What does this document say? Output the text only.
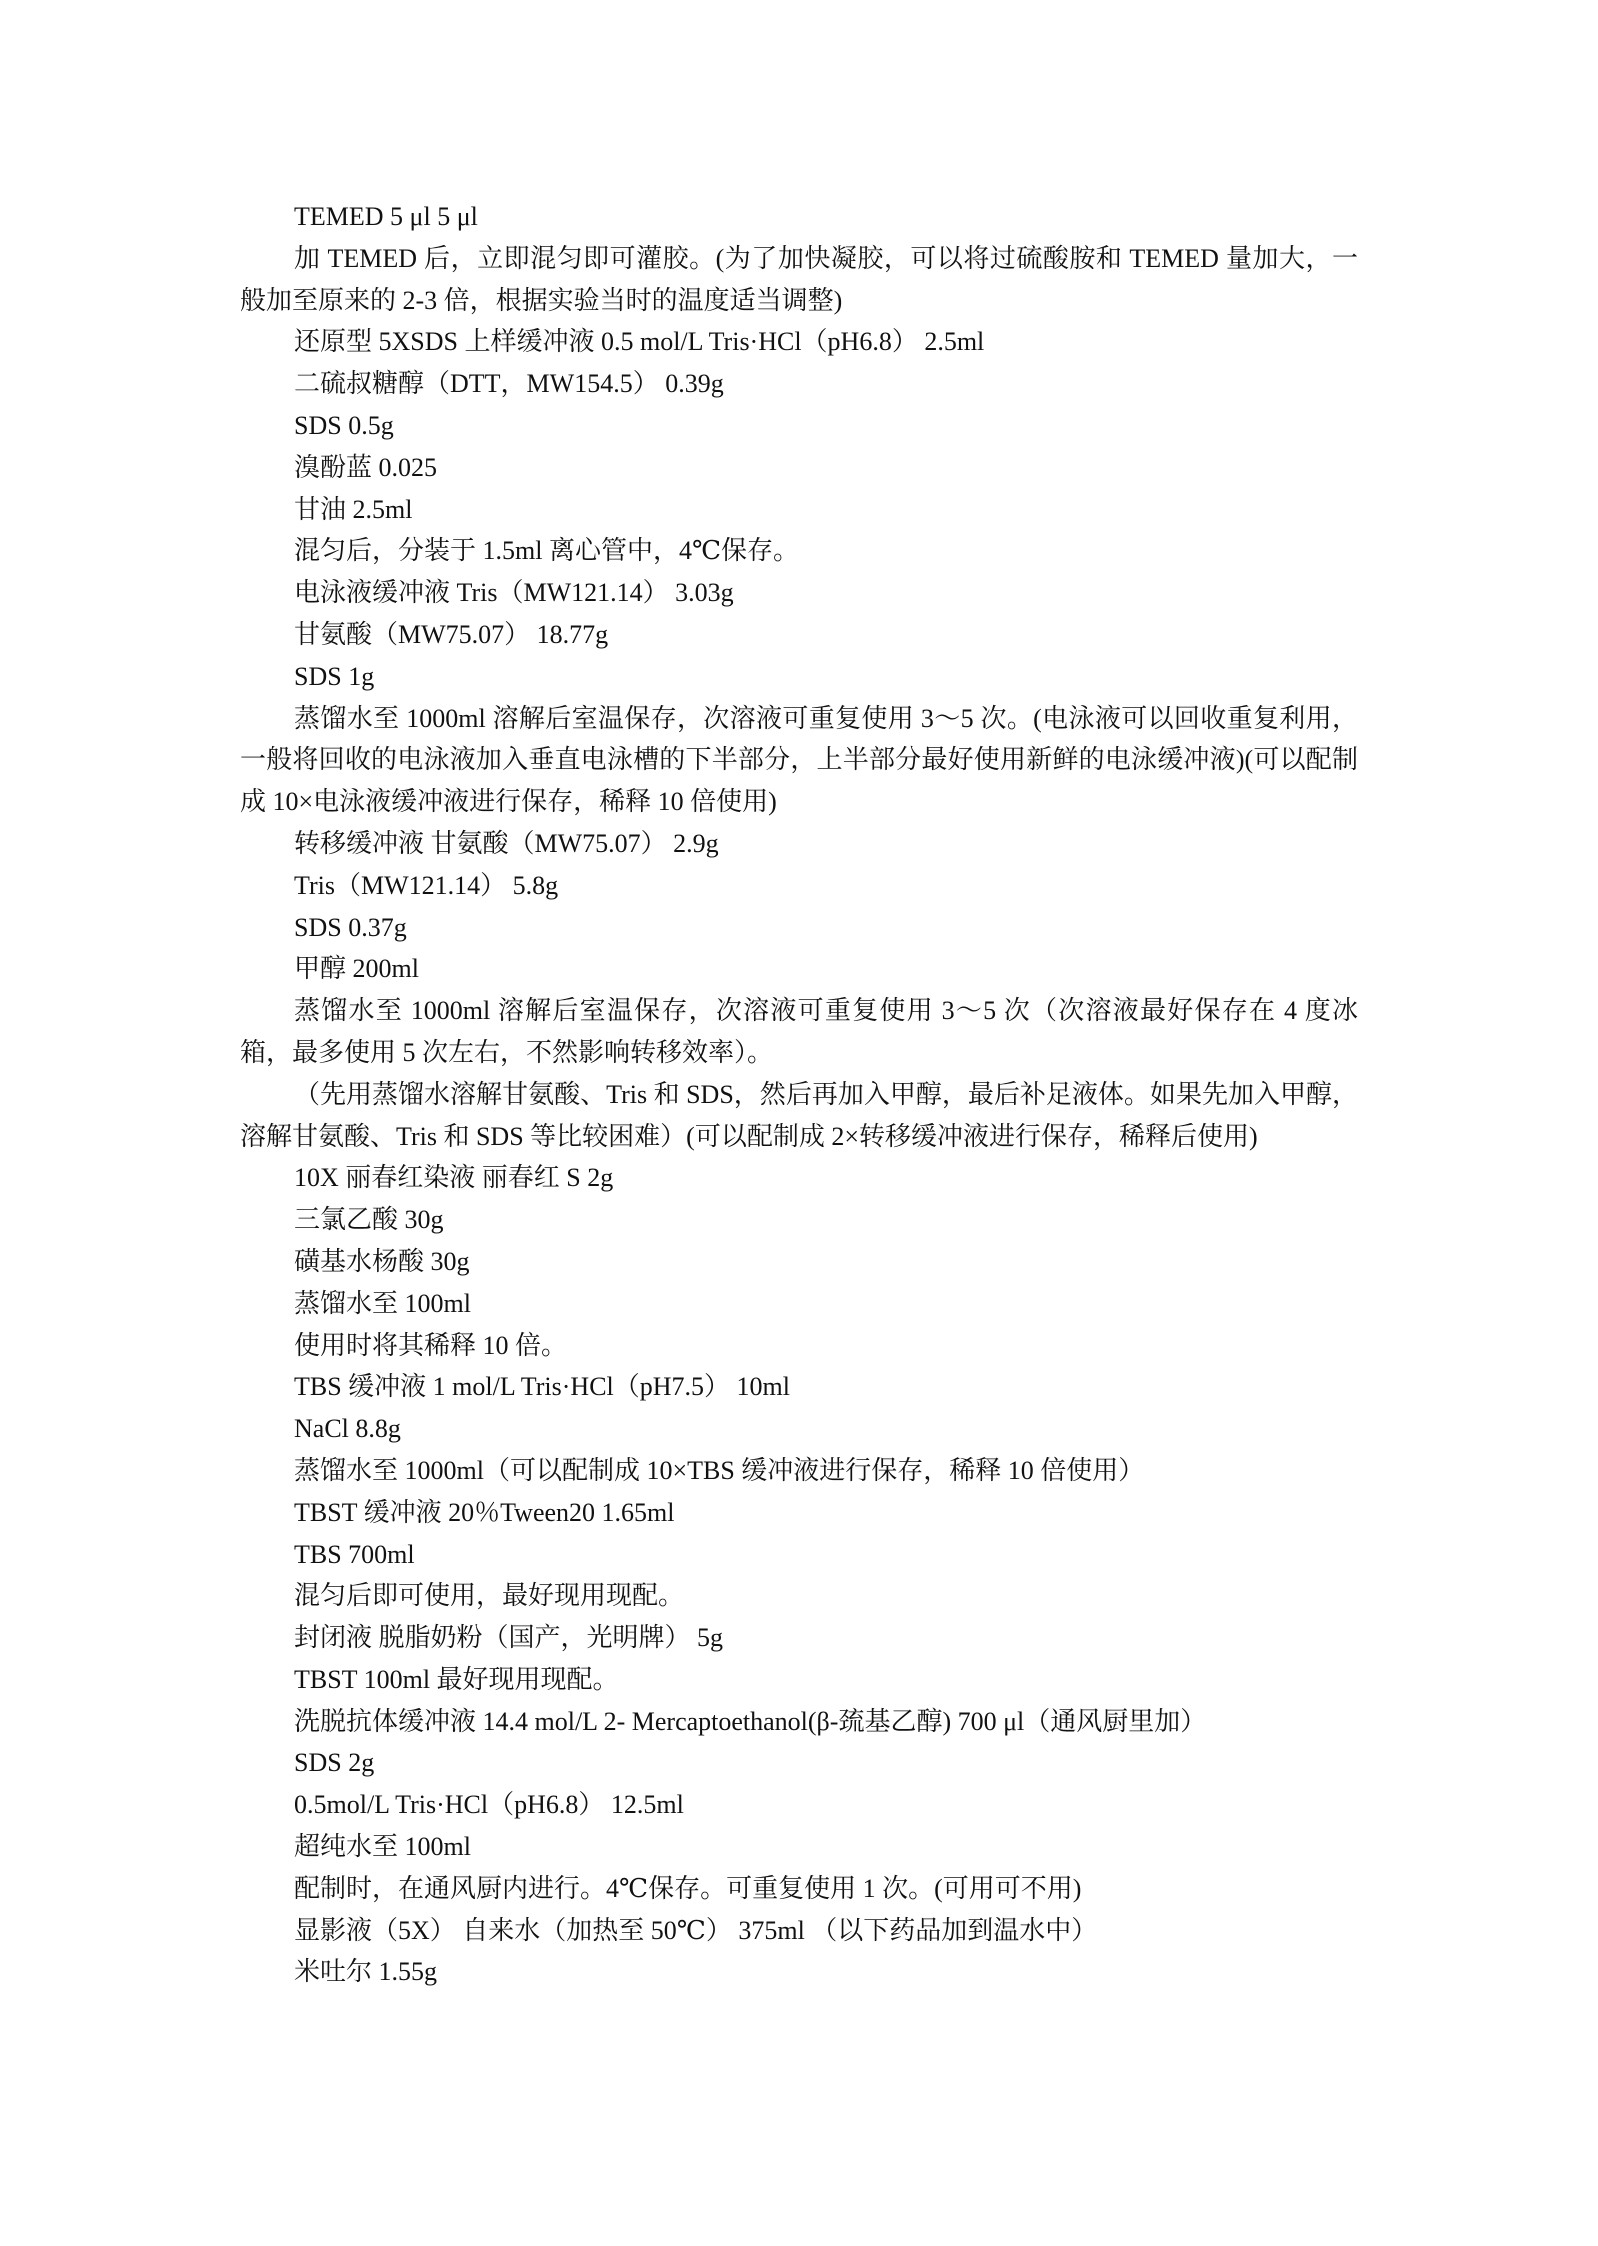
TEMED 5 μl 5 μl

加 TEMED 后，立即混匀即可灌胶。(为了加快凝胶，可以将过硫酸胺和 TEMED 量加大，一般加至原来的 2-3 倍，根据实验当时的温度适当调整)

还原型 5XSDS 上样缓冲液 0.5 mol/L Tris·HCl（pH6.8） 2.5ml

二硫叔糖醇（DTT，MW154.5） 0.39g

SDS 0.5g

溴酚蓝 0.025

甘油 2.5ml

混匀后，分装于 1.5ml 离心管中，4℃保存。

电泳液缓冲液 Tris（MW121.14） 3.03g

甘氨酸（MW75.07） 18.77g

SDS 1g

蒸馏水至 1000ml 溶解后室温保存，次溶液可重复使用 3～5 次。(电泳液可以回收重复利用，一般将回收的电泳液加入垂直电泳槽的下半部分，上半部分最好使用新鲜的电泳缓冲液)(可以配制成 10×电泳液缓冲液进行保存，稀释 10 倍使用)

转移缓冲液 甘氨酸（MW75.07） 2.9g

Tris（MW121.14） 5.8g

SDS 0.37g

甲醇 200ml

蒸馏水至 1000ml 溶解后室温保存，次溶液可重复使用 3～5 次（次溶液最好保存在 4 度冰箱，最多使用 5 次左右，不然影响转移效率）。

（先用蒸馏水溶解甘氨酸、Tris 和 SDS，然后再加入甲醇，最后补足液体。如果先加入甲醇，溶解甘氨酸、Tris 和 SDS 等比较困难）(可以配制成 2×转移缓冲液进行保存，稀释后使用)

10X 丽春红染液 丽春红 S 2g

三氯乙酸 30g

磺基水杨酸 30g

蒸馏水至 100ml

使用时将其稀释 10 倍。

TBS 缓冲液 1 mol/L Tris·HCl（pH7.5） 10ml

NaCl 8.8g

蒸馏水至 1000ml（可以配制成 10×TBS 缓冲液进行保存，稀释 10 倍使用）

TBST 缓冲液 20％Tween20 1.65ml

TBS 700ml

混匀后即可使用，最好现用现配。

封闭液 脱脂奶粉（国产，光明牌） 5g

TBST 100ml 最好现用现配。

洗脱抗体缓冲液 14.4 mol/L 2- Mercaptoethanol(β-巯基乙醇) 700 μl（通风厨里加）

SDS 2g

0.5mol/L Tris·HCl（pH6.8） 12.5ml

超纯水至 100ml

配制时，在通风厨内进行。4℃保存。可重复使用 1 次。(可用可不用)

显影液（5X） 自来水（加热至 50℃） 375ml （以下药品加到温水中）

米吐尔 1.55g
